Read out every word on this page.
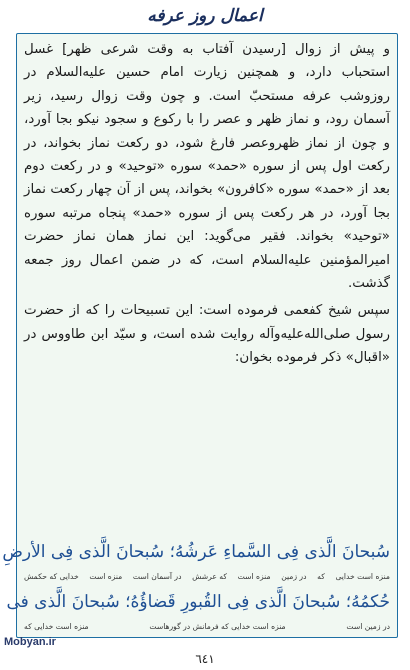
اعمال روز عرفه

و پیش از زوال [رسیدن آفتاب به وقت شرعی ظهر] غسل استحباب دارد، و همچنین زیارت امام حسین عليه‌السلام در روزوشب عرفه مستحبّ است. و چون وقت زوال رسید، زیر آسمان رود، و نماز ظهر و عصر را با رکوع و سجود نیکو بجا آورد، و چون از نماز ظهروعصر فارغ شود، دو رکعت نماز بخواند، در رکعت اول پس از سوره «حمد» سوره «توحید» و در رکعت دوم بعد از «حمد» سوره «کافرون» بخواند، پس از آن چهار رکعت نماز بجا آورد، در هر رکعت پس از سوره «حمد» پنجاه مرتبه سوره «توحید» بخواند. فقیر می‌گوید: این نماز همان نماز حضرت امیرالمؤمنین عليه‌السلام است، که در ضمن اعمال روز جمعه گذشت.

سپس شیخ کفعمی فرموده است: این تسبیحات را که از حضرت رسول صلى‌الله‌عليه‌وآله روایت شده است، و سیّد ابن طاووس در «اقبال» ذکر فرموده بخوان:

سُبحانَ الَّذى فِى السَّماءِ عَرشُهُ؛ سُبحانَ الَّذى فِى الأرضِ
منزه است خدایی
که
در زمین
منزه است
که عرشش
در آسمان است
منزه است
خدایی که حکمش
حُكمُهُ؛ سُبحانَ الَّذى فِى القُبورِ قَضاؤُهُ؛ سُبحانَ الَّذى فى
در زمین است
منزه است خدایی که فرمانش در گورهاست
منزه است خدایی که
Mobyan.ir
٦٤١
